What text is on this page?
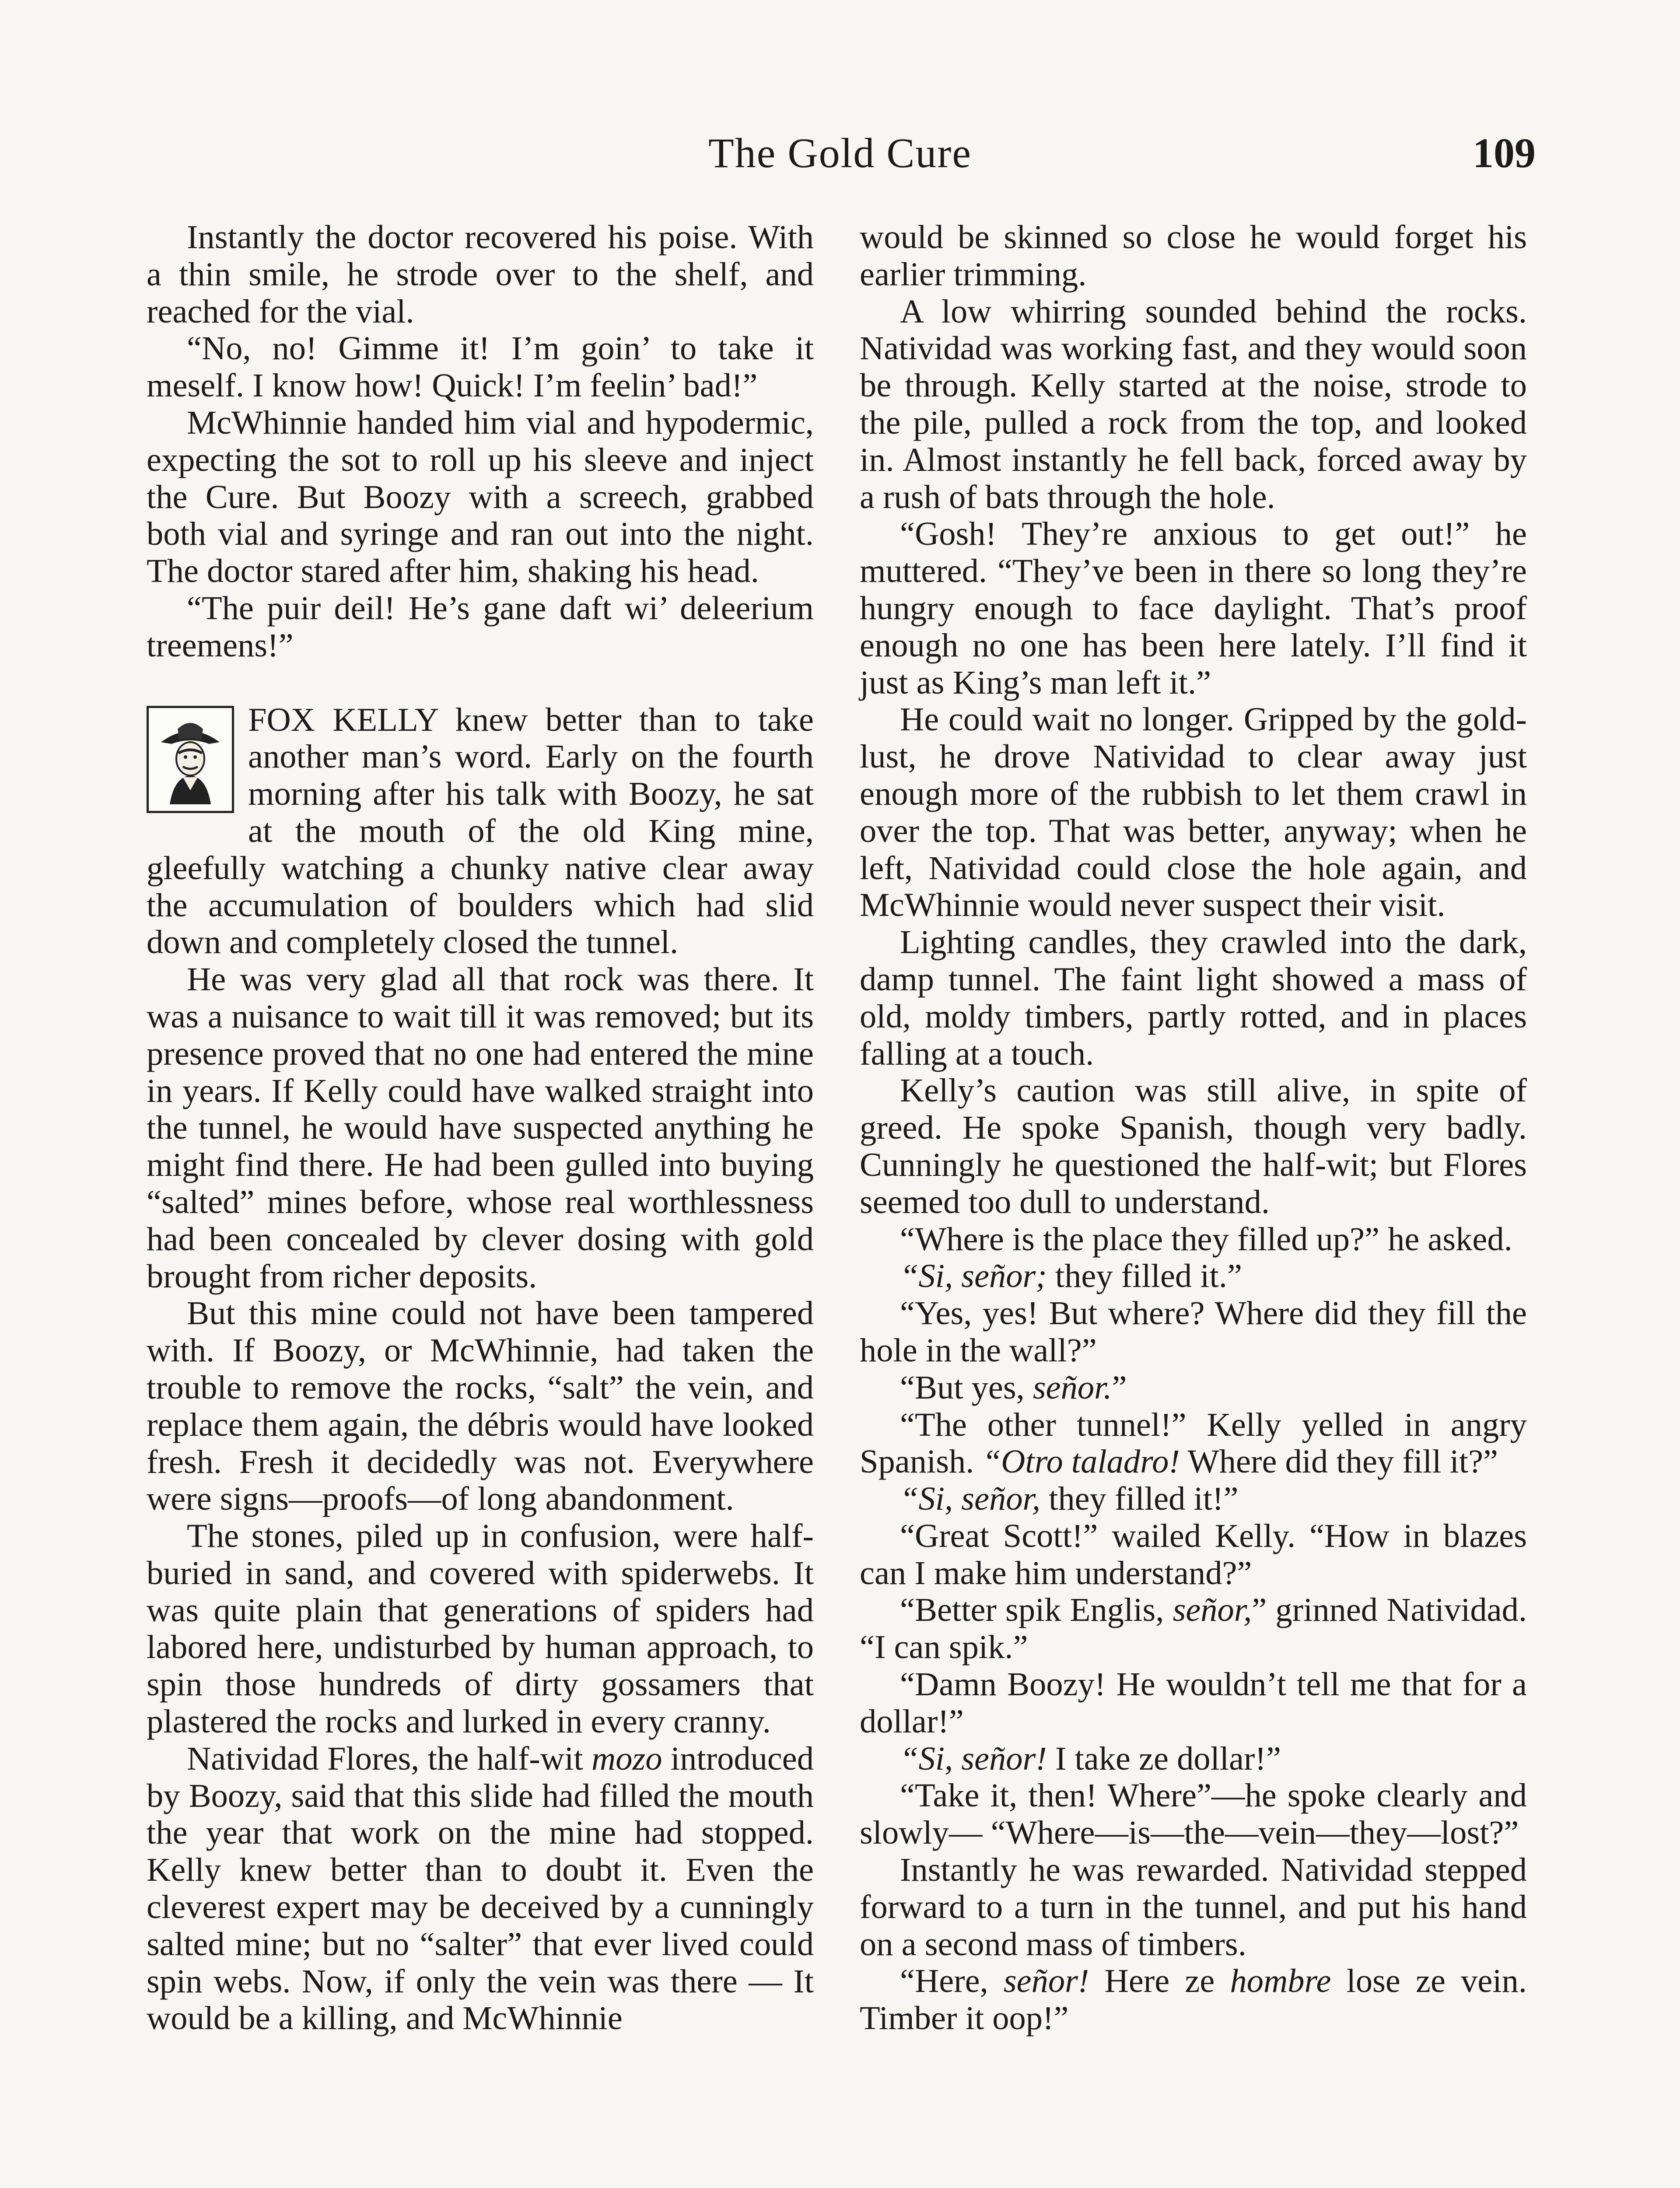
The Gold Cure	109

Instantly the doctor recovered his poise. With a thin smile, he strode over to the shelf, and reached for the vial.

“No, no! Gimme it! I’m goin’ to take it meself. I know how! Quick! I’m feelin’ bad!”

McWhinnie handed him vial and hypodermic, expecting the sot to roll up his sleeve and inject the Cure. But Boozy with a screech, grabbed both vial and syringe and ran out into the night. The doctor stared after him, shaking his head.

“The puir deil! He’s gane daft wi’ deleerium treemens!”

FOX KELLY knew better than to take another man’s word. Early on the fourth morning after his talk with Boozy, he sat at the mouth of the old King mine, gleefully watching a chunky native clear away the accumulation of boulders which had slid down and completely closed the tunnel.

He was very glad all that rock was there. It was a nuisance to wait till it was removed; but its presence proved that no one had entered the mine in years. If Kelly could have walked straight into the tunnel, he would have suspected anything he might find there. He had been gulled into buying “salted” mines before, whose real worthlessness had been concealed by clever dosing with gold brought from richer deposits.

But this mine could not have been tampered with. If Boozy, or McWhinnie, had taken the trouble to remove the rocks, “salt” the vein, and replace them again, the débris would have looked fresh. Fresh it decidedly was not. Everywhere were signs—proofs—of long abandonment.

The stones, piled up in confusion, were half-buried in sand, and covered with spiderwebs. It was quite plain that generations of spiders had labored here, undisturbed by human approach, to spin those hundreds of dirty gossamers that plastered the rocks and lurked in every cranny.

Natividad Flores, the half-wit mozo introduced by Boozy, said that this slide had filled the mouth the year that work on the mine had stopped. Kelly knew better than to doubt it. Even the cleverest expert may be deceived by a cunningly salted mine; but no “salter” that ever lived could spin webs. Now, if only the vein was there — It would be a killing, and McWhinnie

would be skinned so close he would forget his earlier trimming.

A low whirring sounded behind the rocks. Natividad was working fast, and they would soon be through. Kelly started at the noise, strode to the pile, pulled a rock from the top, and looked in. Almost instantly he fell back, forced away by a rush of bats through the hole.

“Gosh! They’re anxious to get out!” he muttered. “They’ve been in there so long they’re hungry enough to face daylight. That’s proof enough no one has been here lately. I’ll find it just as King’s man left it.”

He could wait no longer. Gripped by the gold-lust, he drove Natividad to clear away just enough more of the rubbish to let them crawl in over the top. That was better, anyway; when he left, Natividad could close the hole again, and McWhinnie would never suspect their visit.

Lighting candles, they crawled into the dark, damp tunnel. The faint light showed a mass of old, moldy timbers, partly rotted, and in places falling at a touch.

Kelly’s caution was still alive, in spite of greed. He spoke Spanish, though very badly. Cunningly he questioned the half-wit; but Flores seemed too dull to understand.

“Where is the place they filled up?” he asked.

“Si, señor; they filled it.”

“Yes, yes! But where? Where did they fill the hole in the wall?”

“But yes, señor.”

“The other tunnel!” Kelly yelled in angry Spanish. “Otro taladro! Where did they fill it?”

“Si, señor, they filled it!”

“Great Scott!” wailed Kelly. “How in blazes can I make him understand?”

“Better spik Englis, señor,” grinned Natividad. “I can spik.”

“Damn Boozy! He wouldn’t tell me that for a dollar!”

“Si, señor! I take ze dollar!”

“Take it, then! Where”—he spoke clearly and slowly— “Where—is—the—vein—they—lost?”

Instantly he was rewarded. Natividad stepped forward to a turn in the tunnel, and put his hand on a second mass of timbers.

“Here, señor! Here ze hombre lose ze vein. Timber it oop!”
